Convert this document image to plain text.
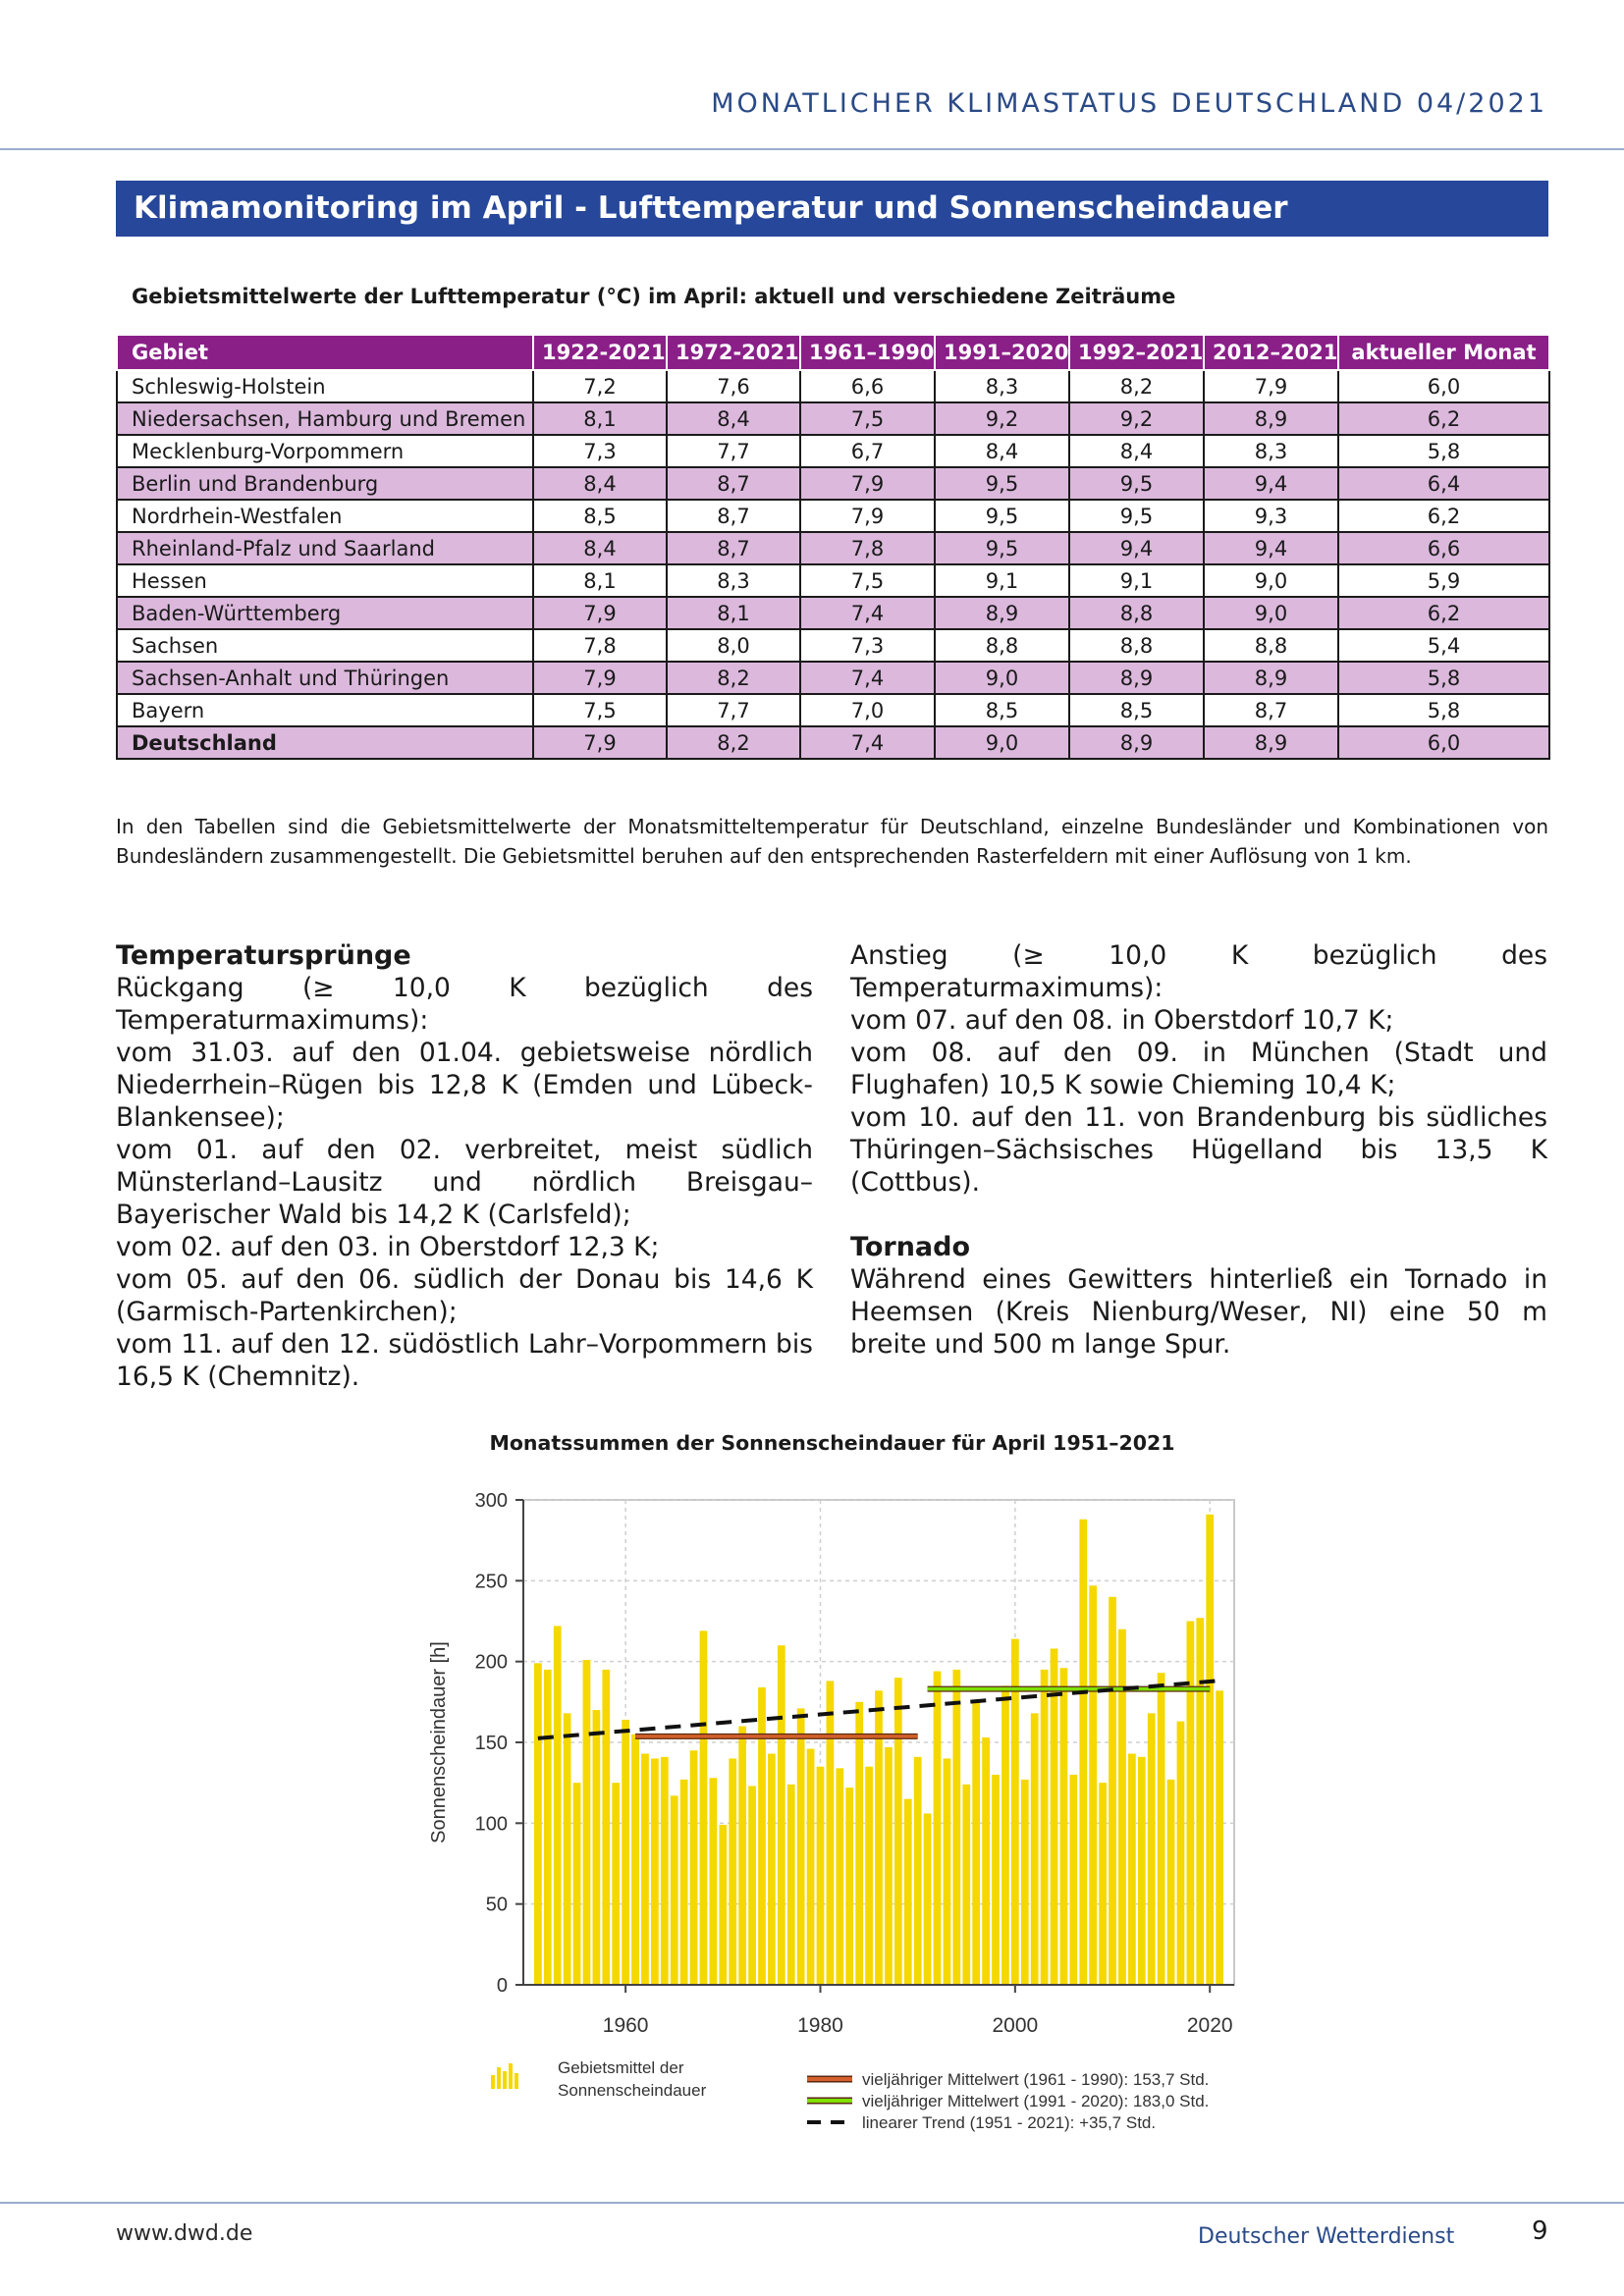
MONATLICHER KLIMASTATUS DEUTSCHLAND 04/2021
Klimamonitoring im April - Lufttemperatur und Sonnenscheindauer
Gebietsmittelwerte der Lufttemperatur (°C) im April: aktuell und verschiedene Zeiträume
Gebiet	1922-2021	1972-2021	1961–1990	1991–2020	1992–2021	2012–2021	aktueller Monat
Schleswig-Holstein	7,2	7,6	6,6	8,3	8,2	7,9	6,0
Niedersachsen, Hamburg und Bremen	8,1	8,4	7,5	9,2	9,2	8,9	6,2
Mecklenburg-Vorpommern	7,3	7,7	6,7	8,4	8,4	8,3	5,8
Berlin und Brandenburg	8,4	8,7	7,9	9,5	9,5	9,4	6,4
Nordrhein-Westfalen	8,5	8,7	7,9	9,5	9,5	9,3	6,2
Rheinland-Pfalz und Saarland	8,4	8,7	7,8	9,5	9,4	9,4	6,6
Hessen	8,1	8,3	7,5	9,1	9,1	9,0	5,9
Baden-Württemberg	7,9	8,1	7,4	8,9	8,8	9,0	6,2
Sachsen	7,8	8,0	7,3	8,8	8,8	8,8	5,4
Sachsen-Anhalt und Thüringen	7,9	8,2	7,4	9,0	8,9	8,9	5,8
Bayern	7,5	7,7	7,0	8,5	8,5	8,7	5,8
Deutschland	7,9	8,2	7,4	9,0	8,9	8,9	6,0
In den Tabellen sind die Gebietsmittelwerte der Monatsmitteltemperatur für Deutschland, einzelne Bundesländer und Kombinationen von Bundesländern zusammengestellt. Die Gebietsmittel beruhen auf den entsprechenden Rasterfeldern mit einer Auflösung von 1 km.
Temperatursprünge

Rückgang (≥ 10,0 K bezüglich des Temperaturmaximums):

vom 31.03. auf den 01.04. gebietsweise nördlich Niederrhein–Rügen bis 12,8 K (Emden und Lübeck-Blankensee);

vom 01. auf den 02. verbreitet, meist südlich Münsterland–Lausitz und nördlich Breisgau–Bayerischer Wald bis 14,2 K (Carlsfeld);

vom 02. auf den 03. in Oberstdorf 12,3 K;

vom 05. auf den 06. südlich der Donau bis 14,6 K (Garmisch-Partenkirchen);

vom 11. auf den 12. südöstlich Lahr–Vorpommern bis 16,5 K (Chemnitz).

Anstieg (≥ 10,0 K bezüglich des Temperaturmaximums):

vom 07. auf den 08. in Oberstdorf 10,7 K;

vom 08. auf den 09. in München (Stadt und Flughafen) 10,5 K sowie Chieming 10,4 K;

vom 10. auf den 11. von Brandenburg bis südliches Thüringen–Sächsisches Hügelland bis 13,5 K (Cottbus).

Tornado

Während eines Gewitters hinterließ ein Tornado in Heemsen (Kreis Nienburg/Weser, NI) eine 50 m breite und 500 m lange Spur.

Monatssummen der Sonnenscheindauer für April 1951–2021
0
50
100
150
200
250
300
1960	1980	2000	2020
Sonnenscheindauer [h]
Gebietsmittel der
Sonnenscheindauer
vieljähriger Mittelwert (1961 - 1990): 153,7 Std.
vieljähriger Mittelwert (1991 - 2020): 183,0 Std.
linearer Trend (1951 - 2021): +35,7 Std.
www.dwd.de	Deutscher Wetterdienst	9
